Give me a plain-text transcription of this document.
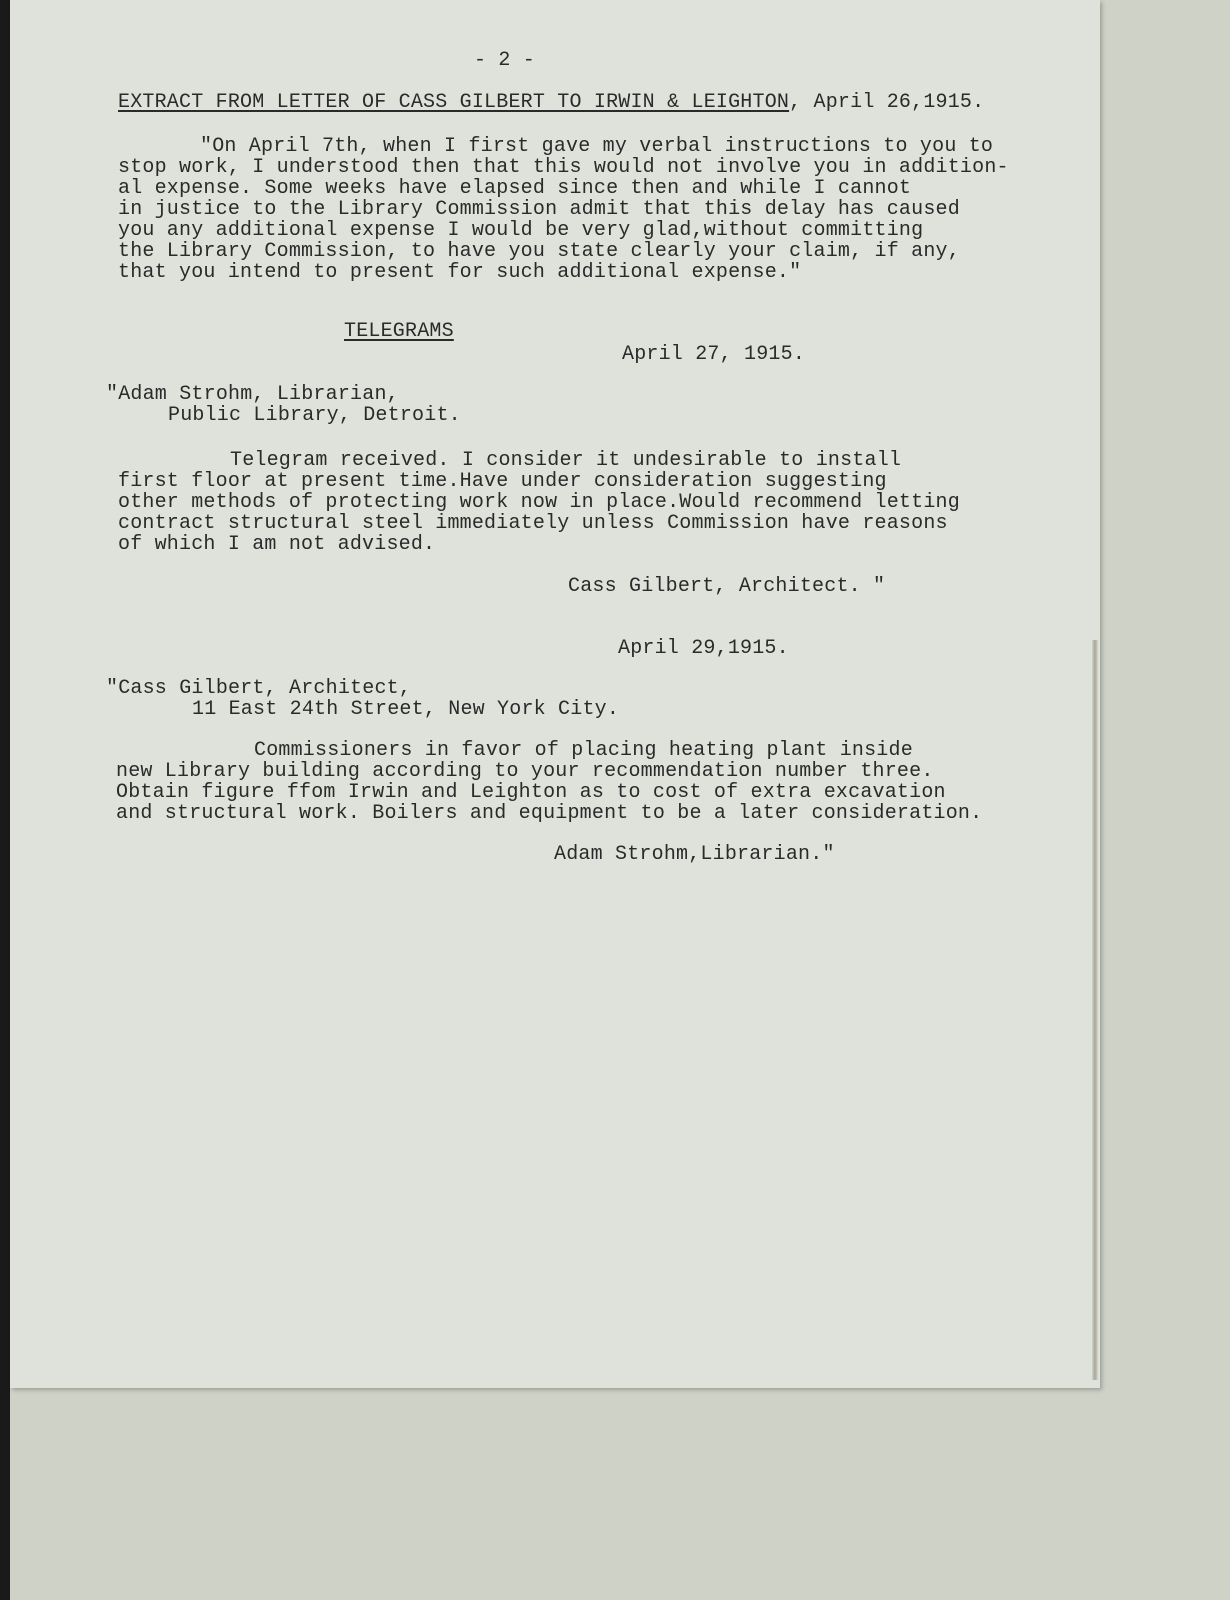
- 2 -
EXTRACT FROM LETTER OF CASS GILBERT TO IRWIN & LEIGHTON, April 26,1915.
"On April 7th, when I first gave my verbal instructions to you to
stop work, I understood then that this would not involve you in addition-
al expense. Some weeks have elapsed since then and while I cannot
in justice to the Library Commission admit that this delay has caused
you any additional expense I would be very glad,without committing
the Library Commission, to have you state clearly your claim, if any,
that you intend to present for such additional expense."
TELEGRAMS
April 27, 1915.
"Adam Strohm, Librarian,
Public Library, Detroit.
Telegram received. I consider it undesirable to install
first floor at present time.Have under consideration suggesting
other methods of protecting work now in place.Would recommend letting
contract structural steel immediately unless Commission have reasons
of which I am not advised.
Cass Gilbert, Architect. "
April 29,1915.
"Cass Gilbert, Architect,
11 East 24th Street, New York City.
Commissioners in favor of placing heating plant inside
new Library building according to your recommendation number three.
Obtain figure ffom Irwin and Leighton as to cost of extra excavation
and structural work. Boilers and equipment to be a later consideration.
Adam Strohm,Librarian."
